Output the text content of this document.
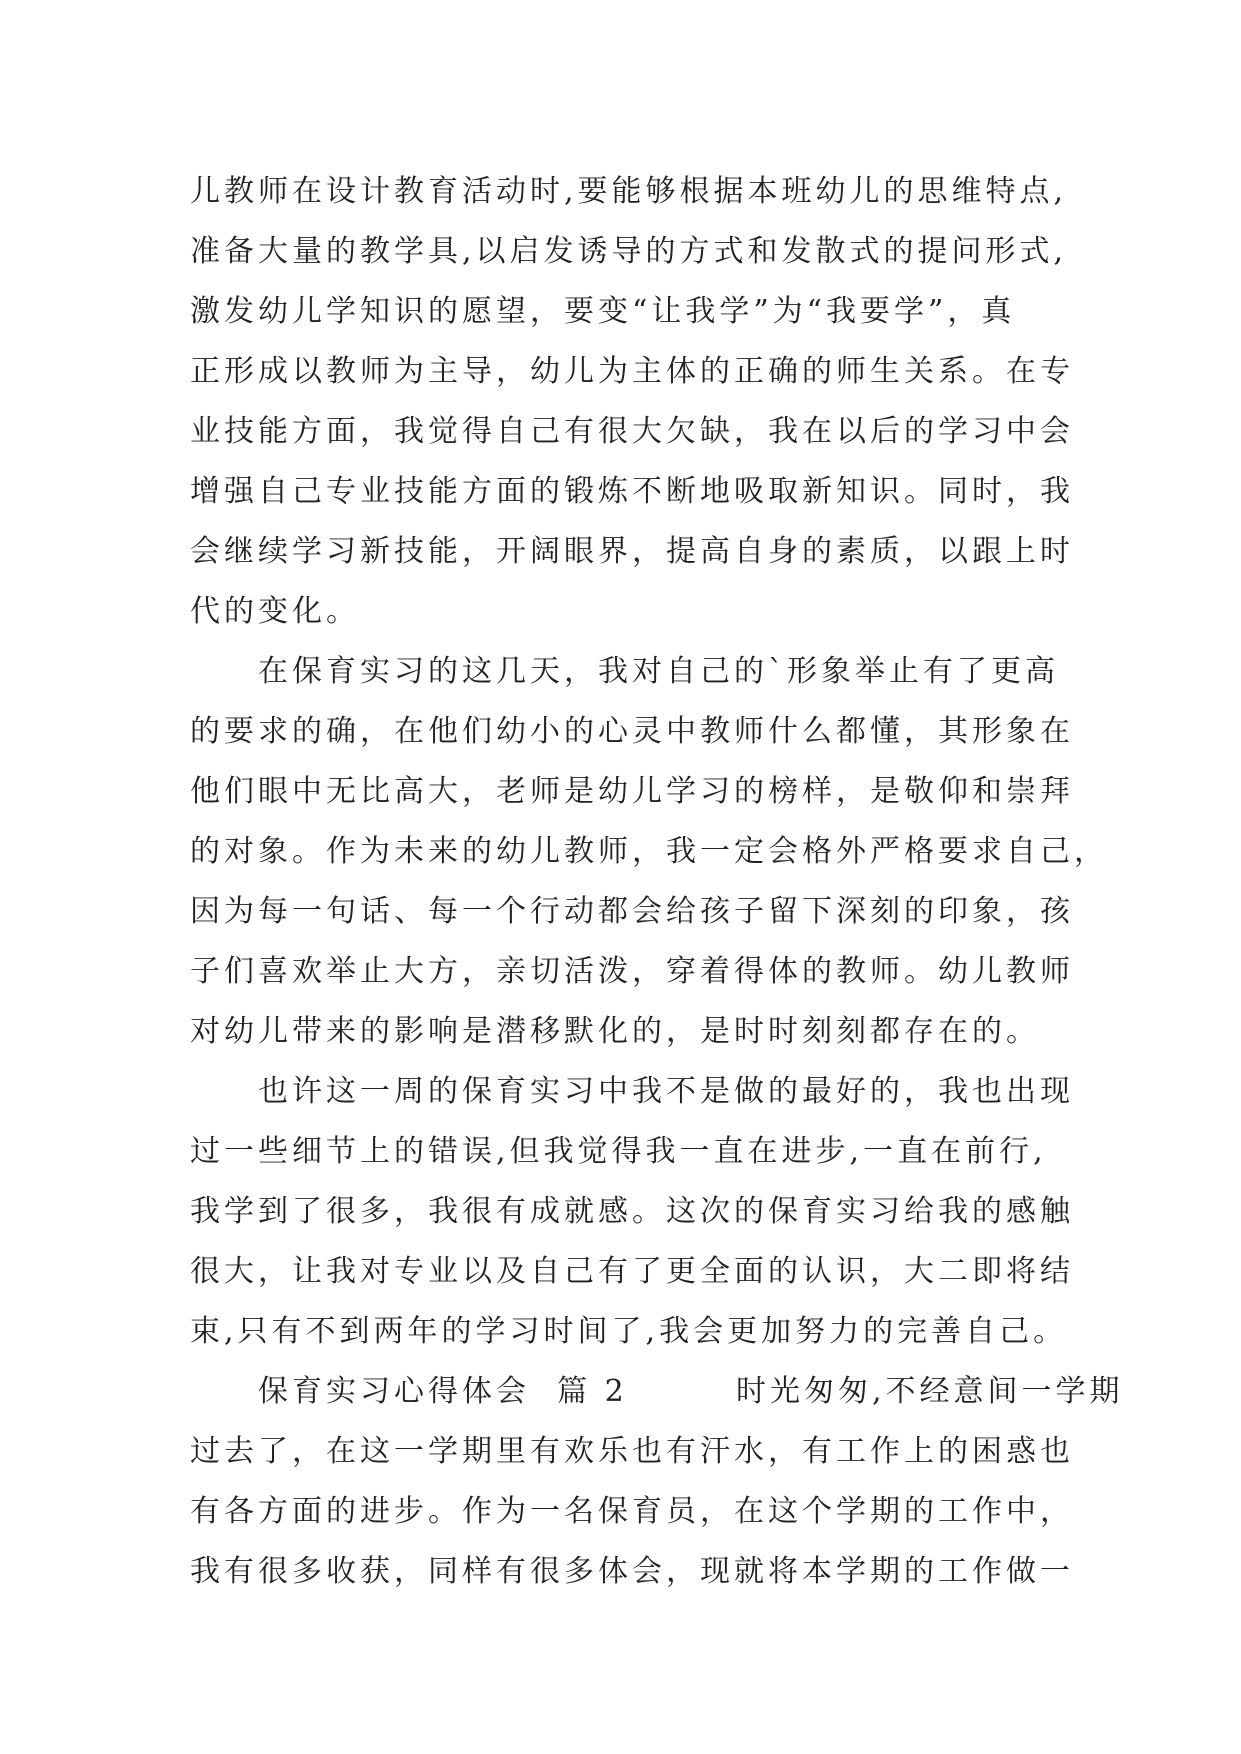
儿教师在设计教育活动时,要能够根据本班幼儿的思维特点,
准备大量的教学具,以启发诱导的方式和发散式的提问形式,
激发幼儿学知识的愿望，要变“让我学”为“我要学”，真
正形成以教师为主导，幼儿为主体的正确的师生关系。在专
业技能方面，我觉得自己有很大欠缺，我在以后的学习中会
增强自己专业技能方面的锻炼不断地吸取新知识。同时，我
会继续学习新技能，开阔眼界，提高自身的素质，以跟上时
代的变化。
在保育实习的这几天，我对自己的`形象举止有了更高
的要求的确，在他们幼小的心灵中教师什么都懂，其形象在
他们眼中无比高大，老师是幼儿学习的榜样，是敬仰和崇拜
的对象。作为未来的幼儿教师，我一定会格外严格要求自己，
因为每一句话、每一个行动都会给孩子留下深刻的印象，孩
子们喜欢举止大方，亲切活泼，穿着得体的教师。幼儿教师
对幼儿带来的影响是潜移默化的，是时时刻刻都存在的。
也许这一周的保育实习中我不是做的最好的，我也出现
过一些细节上的错误,但我觉得我一直在进步,一直在前行,
我学到了很多，我很有成就感。这次的保育实习给我的感触
很大，让我对专业以及自己有了更全面的认识，大二即将结
束,只有不到两年的学习时间了,我会更加努力的完善自己。
保育实习心得体会  篇 2        时光匆匆,不经意间一学期
过去了，在这一学期里有欢乐也有汗水，有工作上的困惑也
有各方面的进步。作为一名保育员，在这个学期的工作中，
我有很多收获，同样有很多体会，现就将本学期的工作做一
